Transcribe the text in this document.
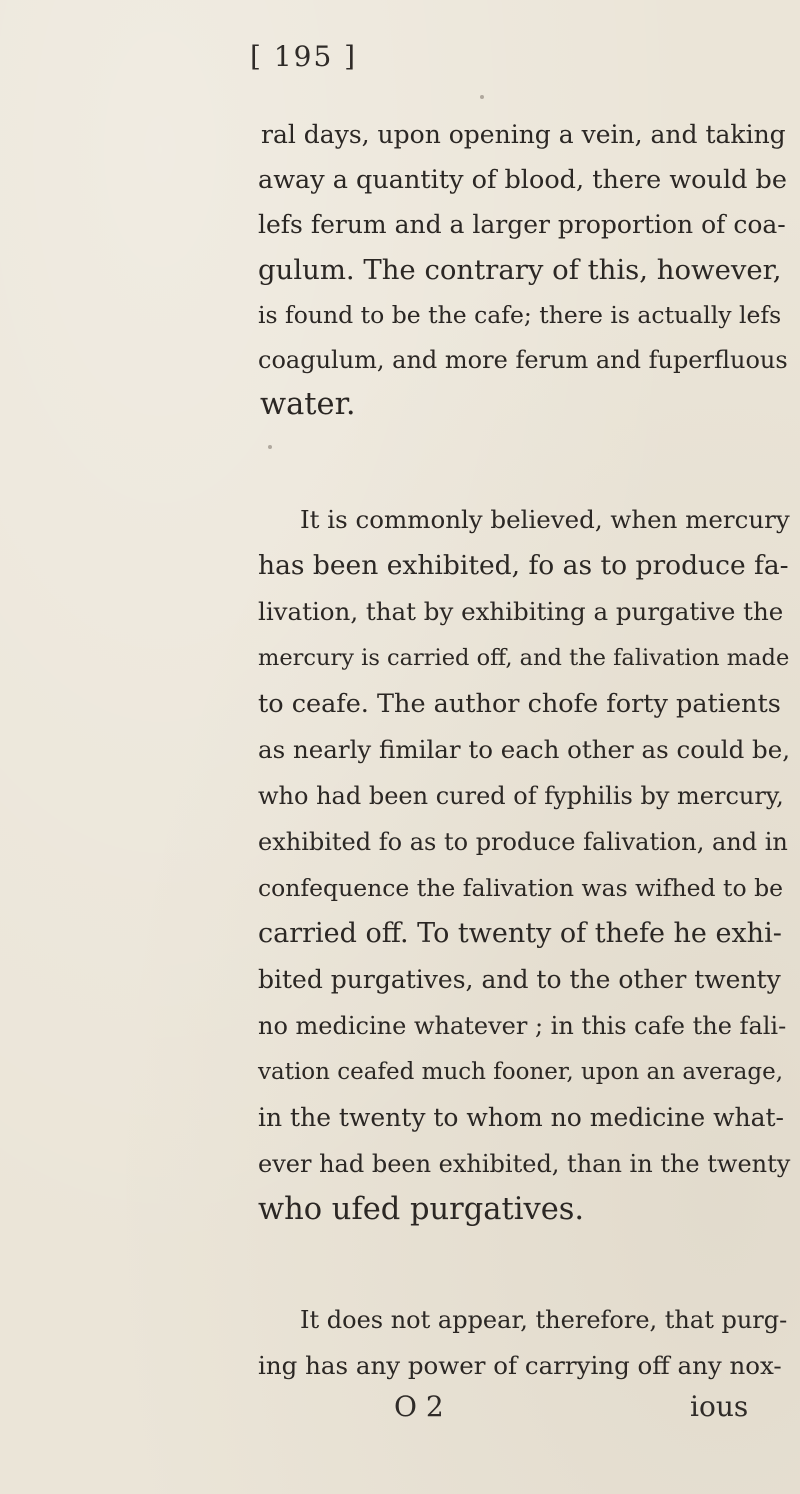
[ 195 ]
ral days, upon opening a vein, and taking
away a quantity of blood, there would be
lefs ferum and a larger proportion of coa-
gulum. The contrary of this, however,
is found to be the cafe; there is actually lefs
coagulum, and more ferum and fuperfluous
water.
It is commonly believed, when mercury
has been exhibited, fo as to produce fa-
livation, that by exhibiting a purgative the
mercury is carried off, and the falivation made
to ceafe. The author chofe forty patients
as nearly fimilar to each other as could be,
who had been cured of fyphilis by mercury,
exhibited fo as to produce falivation, and in
confequence the falivation was wifhed to be
carried off. To twenty of thefe he exhi-
bited purgatives, and to the other twenty
no medicine whatever ; in this cafe the fali-
vation ceafed much fooner, upon an average,
in the twenty to whom no medicine what-
ever had been exhibited, than in the twenty
who ufed purgatives.
It does not appear, therefore, that purg-
ing has any power of carrying off any nox-
O 2	ious
